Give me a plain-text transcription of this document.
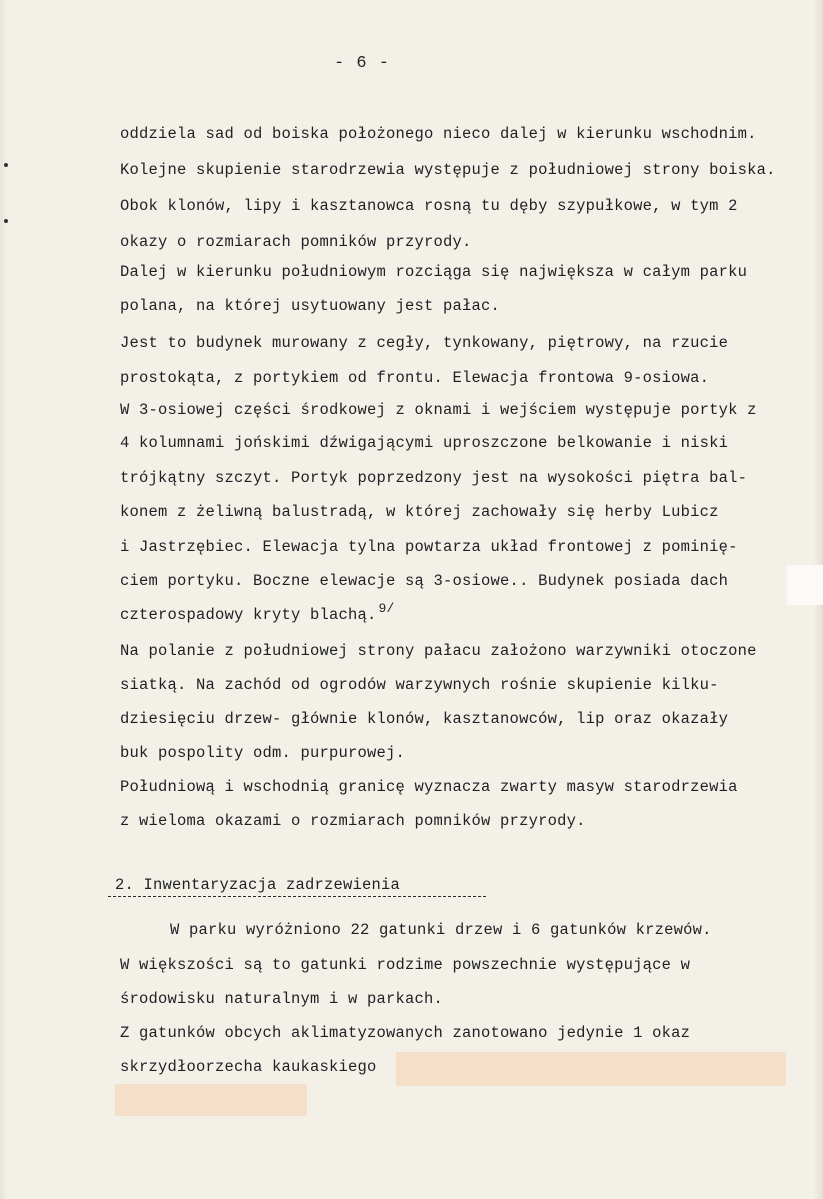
- 6 -
oddziela sad od boiska położonego nieco dalej w kierunku wschodnim.
Kolejne skupienie starodrzewia występuje z południowej strony boiska.
Obok klonów, lipy i kasztanowca rosną tu dęby szypułkowe, w tym 2
okazy o rozmiarach pomników przyrody.
Dalej w kierunku południowym rozciąga się największa w całym parku
polana, na której usytuowany jest pałac.
Jest to budynek murowany z cegły, tynkowany, piętrowy, na rzucie
prostokąta, z portykiem od frontu. Elewacja frontowa 9-osiowa.
W 3-osiowej części środkowej z oknami i wejściem występuje portyk z
4 kolumnami jońskimi dźwigającymi uproszczone belkowanie i niski
trójkątny szczyt. Portyk poprzedzony jest na wysokości piętra bal-
konem z żeliwną balustradą, w której zachowały się herby Lubicz
i Jastrzębiec. Elewacja tylna powtarza układ frontowej z pominię-
ciem portyku. Boczne elewacje są 3-osiowe.. Budynek posiada dach
czterospadowy kryty blachą. $^{9/}$
Na polanie z południowej strony pałacu założono warzywniki otoczone
siatką. Na zachód od ogrodów warzywnych rośnie skupienie kilku-
dziesięciu drzew- głównie klonów, kasztanowców, lip oraz okazały
buk pospolity odm. purpurowej.
Południową i wschodnią granicę wyznacza zwarty masyw starodrzewia
z wieloma okazami o rozmiarach pomników przyrody.
2. Inwentaryzacja zadrzewienia
W parku wyróżniono 22 gatunki drzew i 6 gatunków krzewów.
W większości są to gatunki rodzime powszechnie występujące w
środowisku naturalnym i w parkach.
Z gatunków obcych aklimatyzowanych zanotowano jedynie 1 okaz
skrzydłoorzecha kaukaskiego
